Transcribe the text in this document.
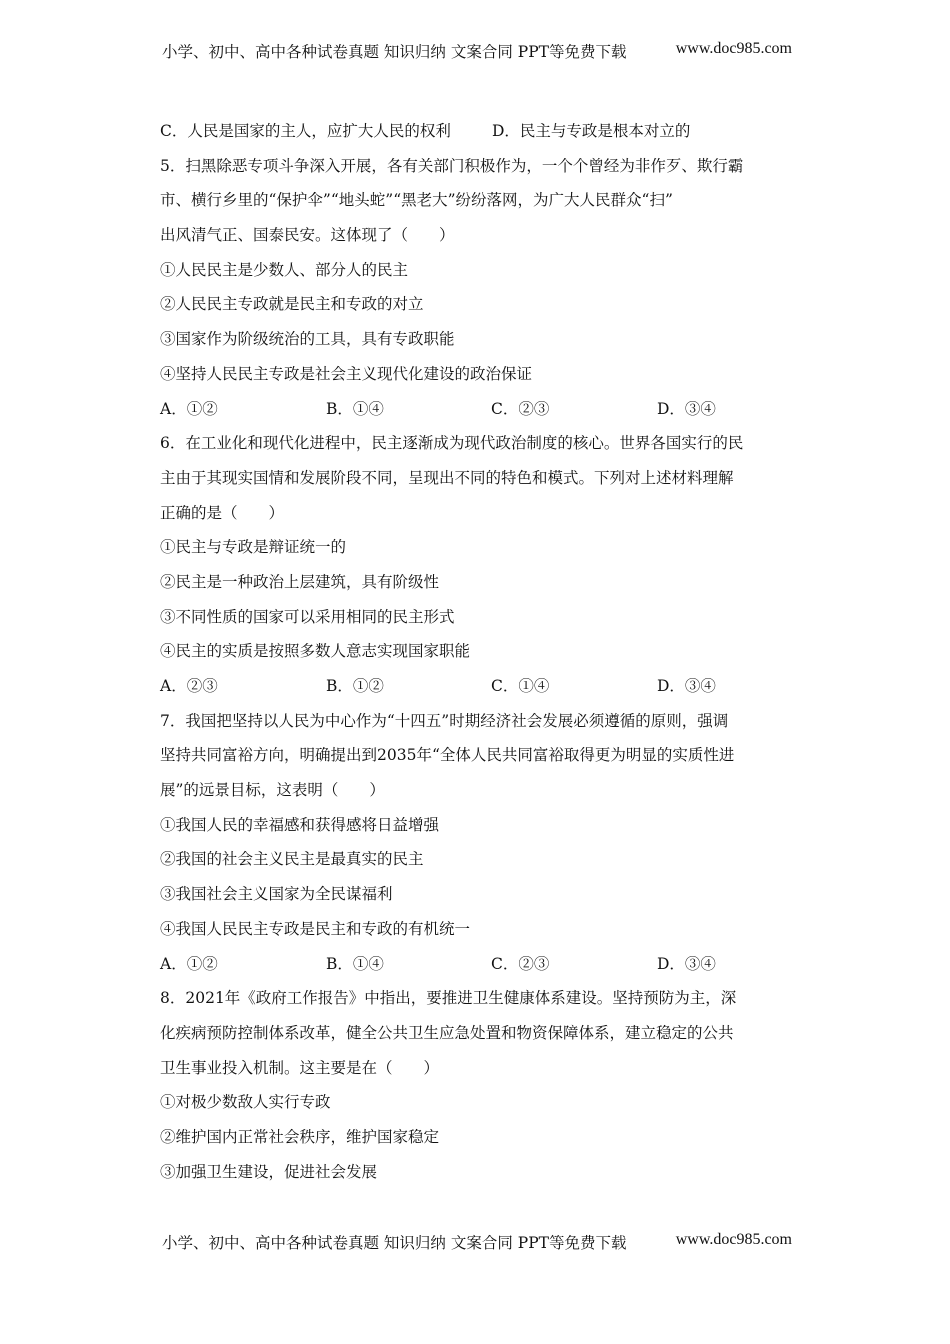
小学、初中、高中各种试卷真题 知识归纳 文案合同 PPT等免费下载	www.doc985.com
C．人民是国家的主人，应扩大人民的权利	D．民主与专政是根本对立的
5．扫黑除恶专项斗争深入开展，各有关部门积极作为，一个个曾经为非作歹、欺行霸
市、横行乡里的“保护伞”“地头蛇”“黑老大”纷纷落网，为广大人民群众“扫”
出风清气正、国泰民安。这体现了（　　）
①人民民主是少数人、部分人的民主
②人民民主专政就是民主和专政的对立
③国家作为阶级统治的工具，具有专政职能
④坚持人民民主专政是社会主义现代化建设的政治保证
A．①②	B．①④	C．②③	D．③④
6．在工业化和现代化进程中，民主逐渐成为现代政治制度的核心。世界各国实行的民
主由于其现实国情和发展阶段不同，呈现出不同的特色和模式。下列对上述材料理解
正确的是（　　）
①民主与专政是辩证统一的
②民主是一种政治上层建筑，具有阶级性
③不同性质的国家可以采用相同的民主形式
④民主的实质是按照多数人意志实现国家职能
A．②③	B．①②	C．①④	D．③④
7．我国把坚持以人民为中心作为“十四五”时期经济社会发展必须遵循的原则，强调
坚持共同富裕方向，明确提出到2035年“全体人民共同富裕取得更为明显的实质性进
展”的远景目标，这表明（　　）
①我国人民的幸福感和获得感将日益增强
②我国的社会主义民主是最真实的民主
③我国社会主义国家为全民谋福利
④我国人民民主专政是民主和专政的有机统一
A．①②	B．①④	C．②③	D．③④
8．2021年《政府工作报告》中指出，要推进卫生健康体系建设。坚持预防为主，深
化疾病预防控制体系改革，健全公共卫生应急处置和物资保障体系，建立稳定的公共
卫生事业投入机制。这主要是在（　　）
①对极少数敌人实行专政
②维护国内正常社会秩序，维护国家稳定
③加强卫生建设，促进社会发展
小学、初中、高中各种试卷真题 知识归纳 文案合同 PPT等免费下载	www.doc985.com
